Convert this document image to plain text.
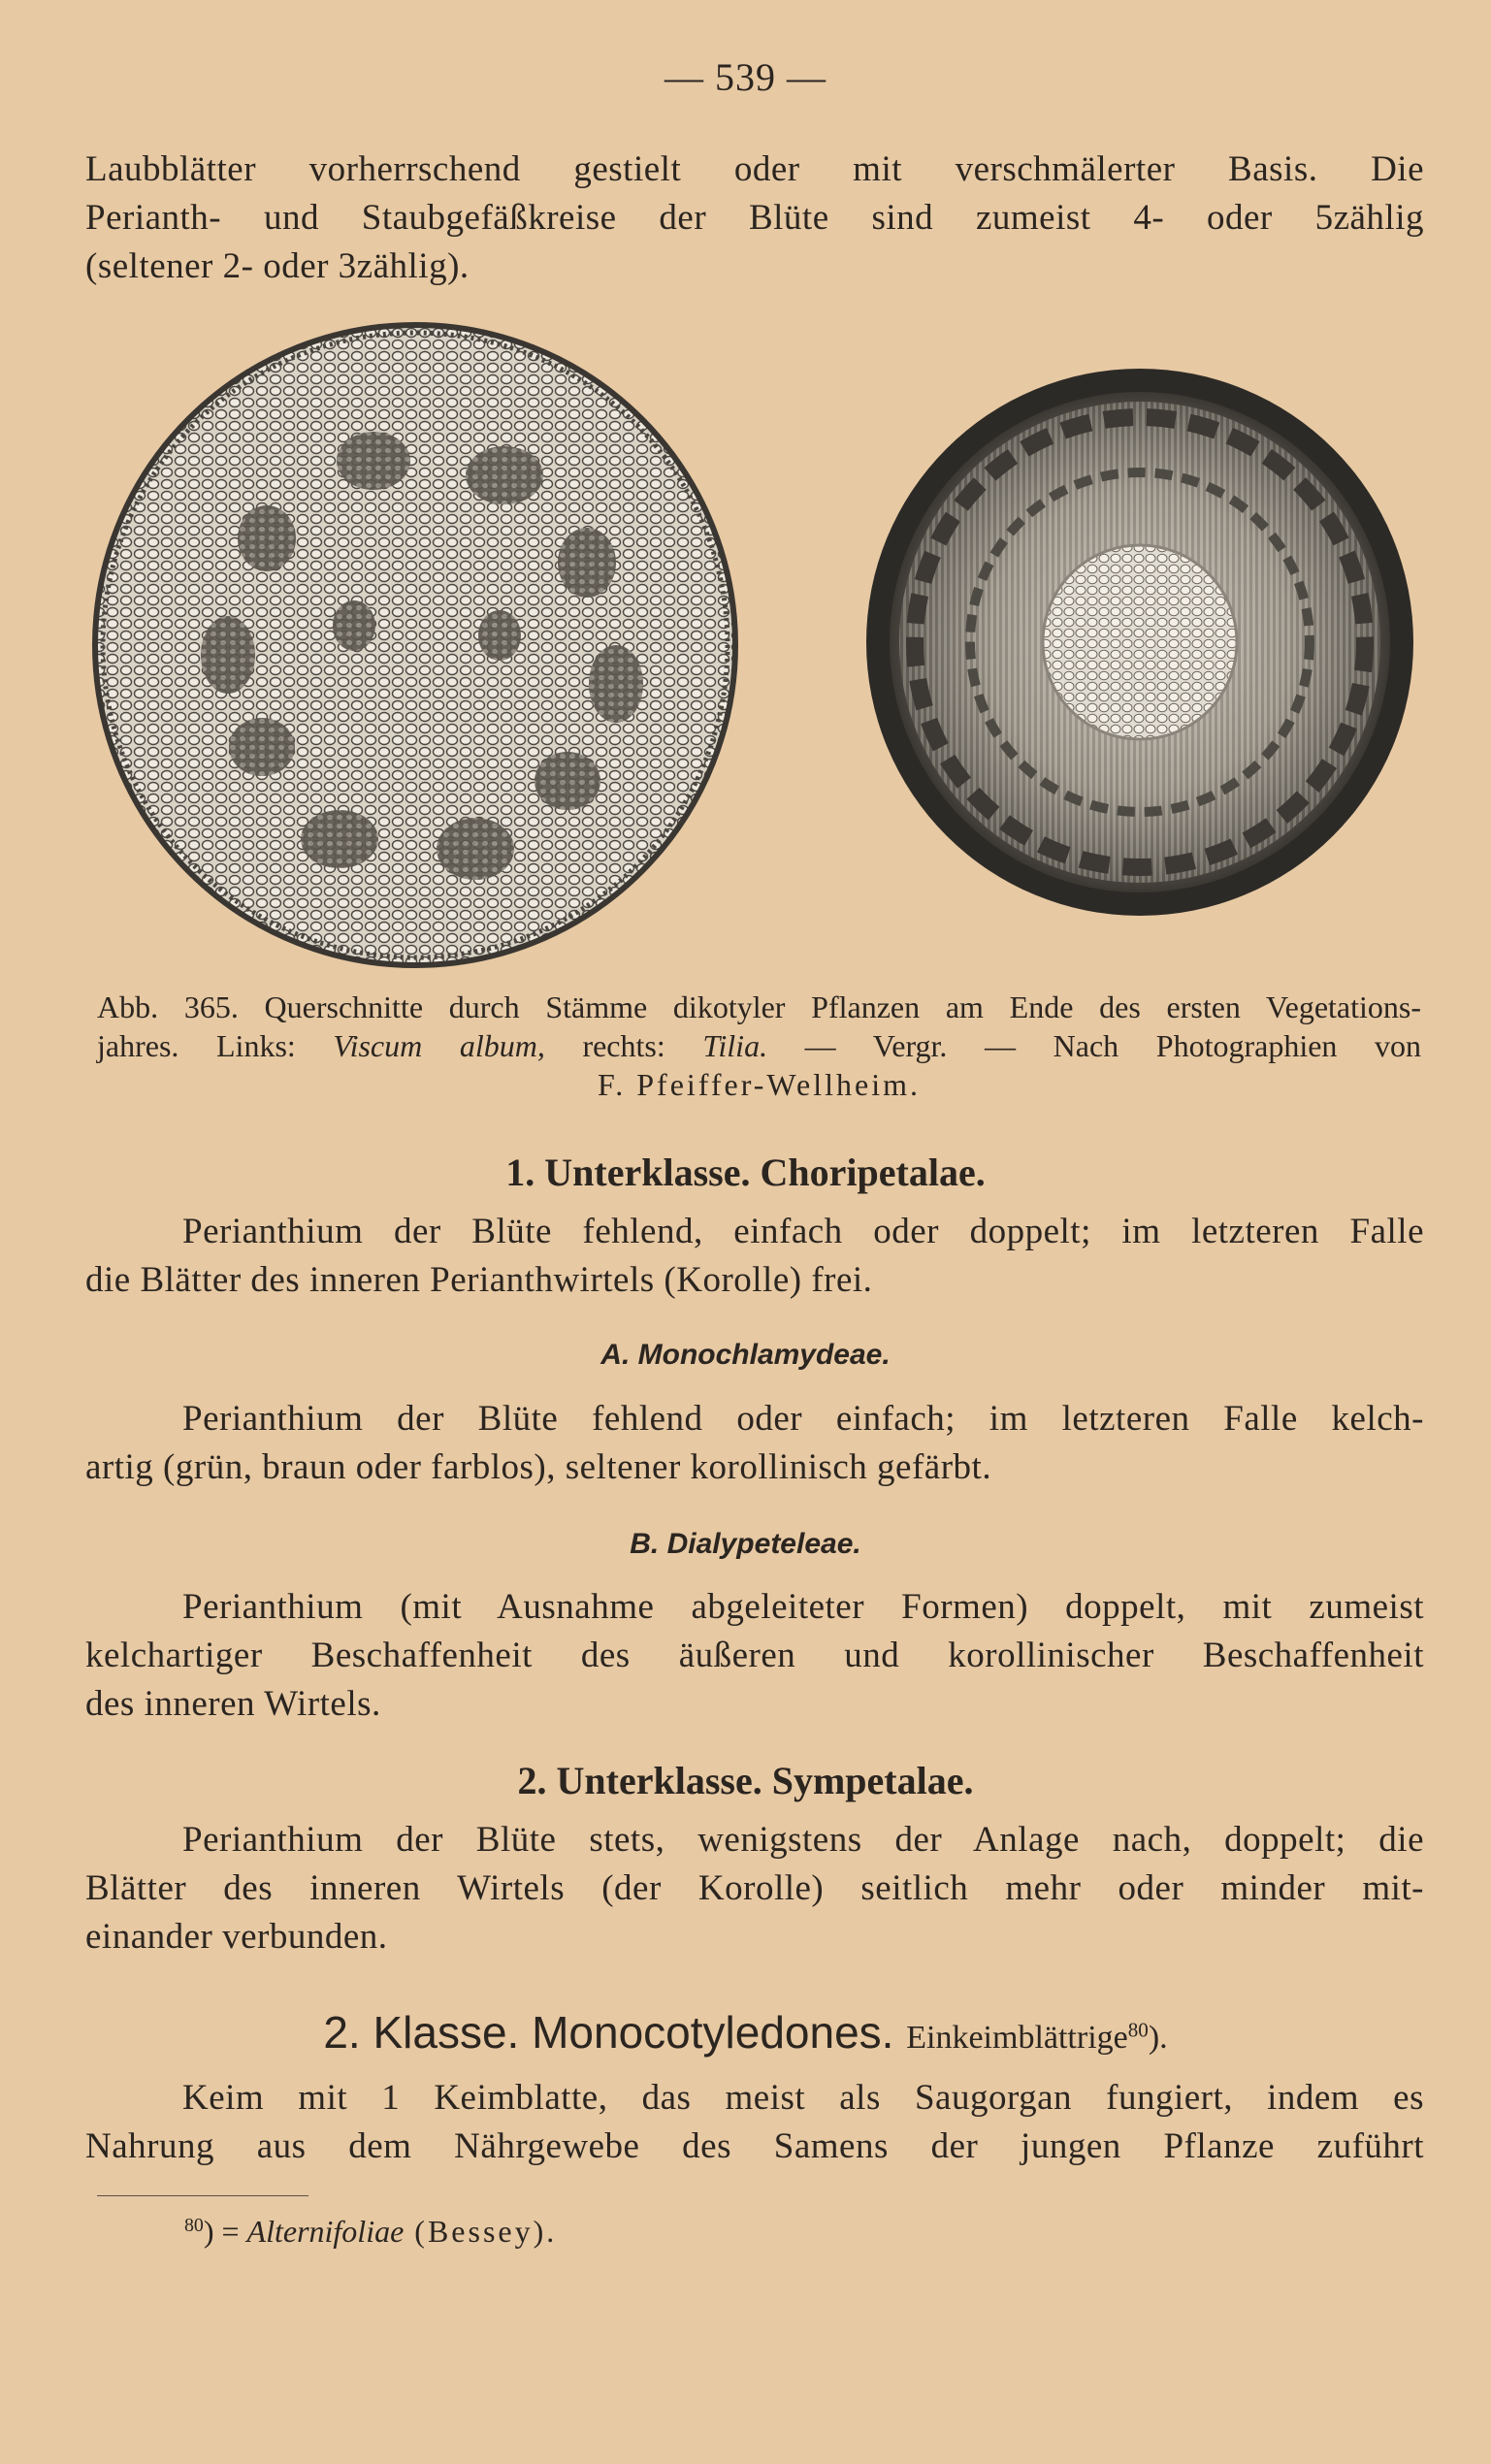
— 539 —
Laubblätter vorherrschend gestielt oder mit verschmälerter Basis. Die
Perianth- und Staubgefäßkreise der Blüte sind zumeist 4- oder 5zählig
(seltener 2- oder 3zählig).
Abb. 365. Querschnitte durch Stämme dikotyler Pflanzen am Ende des ersten Vegetations-
jahres. Links: Viscum album, rechts: Tilia. — Vergr. — Nach Photographien von
F. Pfeiffer-Wellheim.
1. Unterklasse. Choripetalae.
Perianthium der Blüte fehlend, einfach oder doppelt; im letzteren Falle
die Blätter des inneren Perianthwirtels (Korolle) frei.
A. Monochlamydeae.
Perianthium der Blüte fehlend oder einfach; im letzteren Falle kelch-
artig (grün, braun oder farblos), seltener korollinisch gefärbt.
B. Dialypeteleae.
Perianthium (mit Ausnahme abgeleiteter Formen) doppelt, mit zumeist
kelchartiger Beschaffenheit des äußeren und korollinischer Beschaffenheit
des inneren Wirtels.
2. Unterklasse. Sympetalae.
Perianthium der Blüte stets, wenigstens der Anlage nach, doppelt; die
Blätter des inneren Wirtels (der Korolle) seitlich mehr oder minder mit-
einander verbunden.
2. Klasse. Monocotyledones. Einkeimblättrige$^{80}$).
Keim mit 1 Keimblatte, das meist als Saugorgan fungiert, indem es
Nahrung aus dem Nährgewebe des Samens der jungen Pflanze zuführt
$^{80}$) = Alternifoliae (Bessey).
